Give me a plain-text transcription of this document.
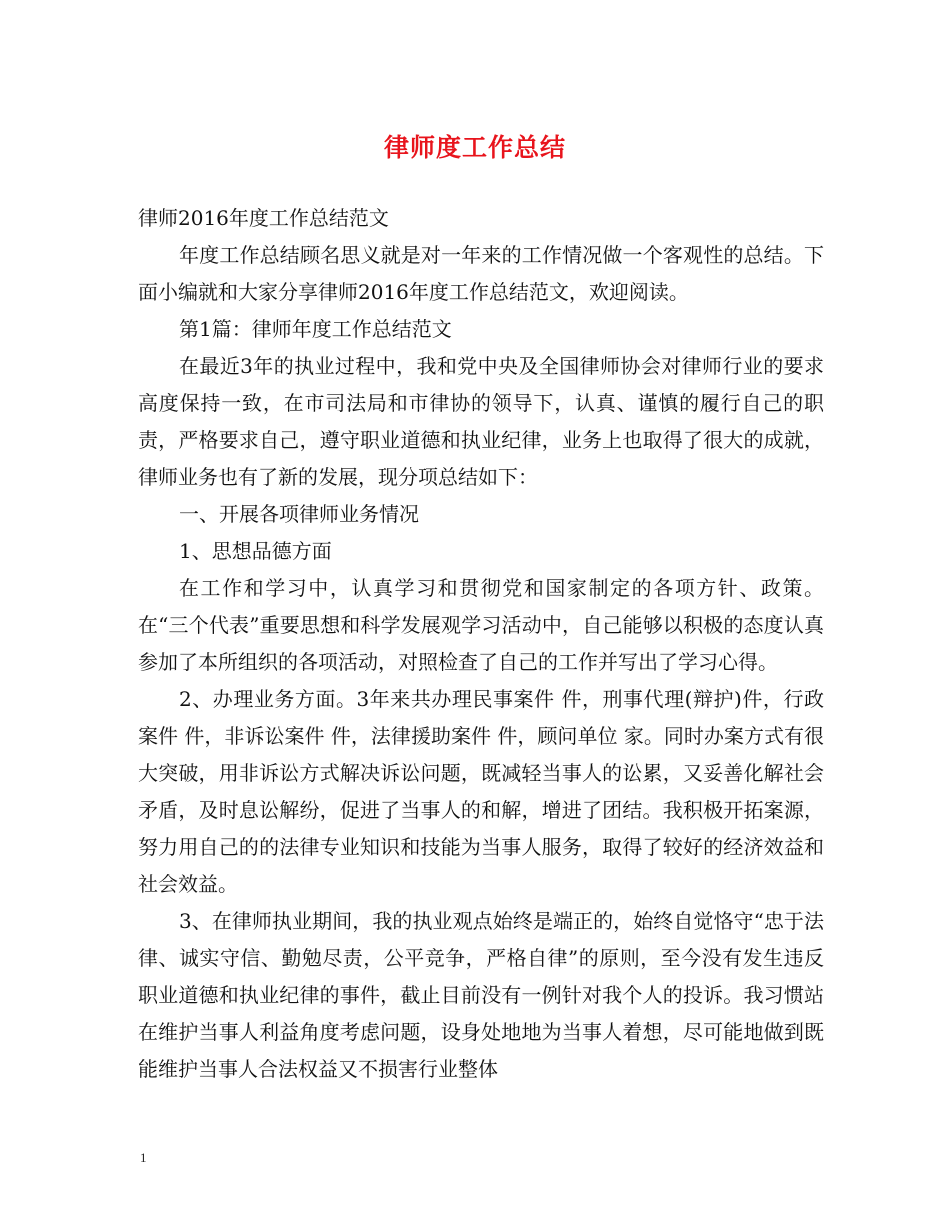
律师度工作总结

律师2016年度工作总结范文

年度工作总结顾名思义就是对一年来的工作情况做一个客观性的总结。下面小编就和大家分享律师2016年度工作总结范文，欢迎阅读。

第1篇：律师年度工作总结范文

在最近3年的执业过程中，我和党中央及全国律师协会对律师行业的要求高度保持一致，在市司法局和市律协的领导下，认真、谨慎的履行自己的职责，严格要求自己，遵守职业道德和执业纪律，业务上也取得了很大的成就，律师业务也有了新的发展，现分项总结如下：

一、开展各项律师业务情况

1、思想品德方面

在工作和学习中，认真学习和贯彻党和国家制定的各项方针、政策。在“三个代表”重要思想和科学发展观学习活动中，自己能够以积极的态度认真参加了本所组织的各项活动，对照检查了自己的工作并写出了学习心得。

2、办理业务方面。3年来共办理民事案件 件，刑事代理(辩护)件，行政案件 件，非诉讼案件 件，法律援助案件 件，顾问单位 家。同时办案方式有很大突破，用非诉讼方式解决诉讼问题，既减轻当事人的讼累，又妥善化解社会矛盾，及时息讼解纷，促进了当事人的和解，增进了团结。我积极开拓案源，努力用自己的的法律专业知识和技能为当事人服务，取得了较好的经济效益和社会效益。

3、在律师执业期间，我的执业观点始终是端正的，始终自觉恪守“忠于法律、诚实守信、勤勉尽责，公平竞争，严格自律”的原则，至今没有发生违反职业道德和执业纪律的事件，截止目前没有一例针对我个人的投诉。我习惯站在维护当事人利益角度考虑问题，设身处地地为当事人着想，尽可能地做到既能维护当事人合法权益又不损害行业整体

1
